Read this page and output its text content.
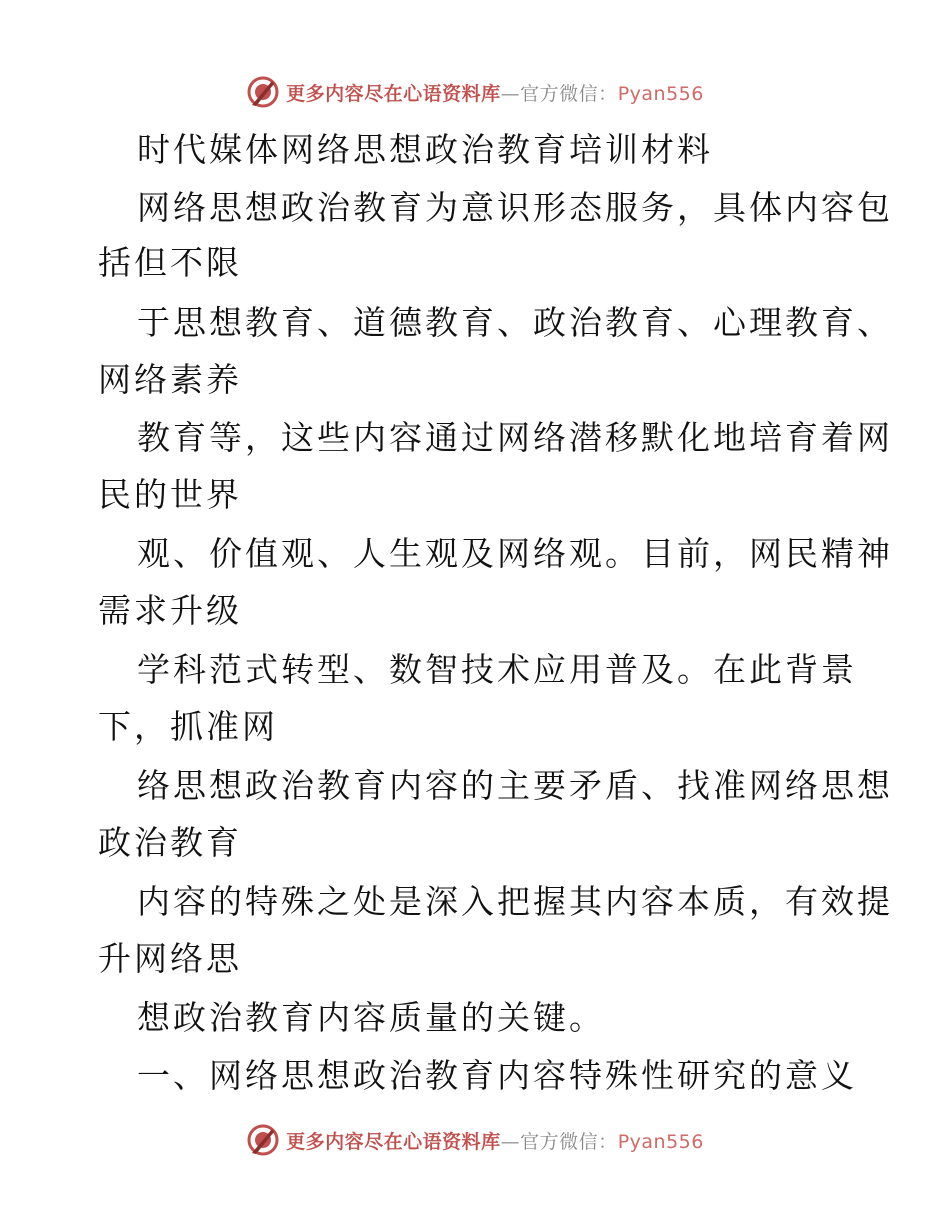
更多内容尽在心语资料库—官方微信：Pyan556
时代媒体网络思想政治教育培训材料
网络思想政治教育为意识形态服务，具体内容包
括但不限
于思想教育、道德教育、政治教育、心理教育、
网络素养
教育等，这些内容通过网络潜移默化地培育着网
民的世界
观、价值观、人生观及网络观。目前，网民精神
需求升级
学科范式转型、数智技术应用普及。在此背景
下，抓准网
络思想政治教育内容的主要矛盾、找准网络思想
政治教育
内容的特殊之处是深入把握其内容本质，有效提
升网络思
想政治教育内容质量的关键。
一、网络思想政治教育内容特殊性研究的意义
更多内容尽在心语资料库—官方微信：Pyan556
